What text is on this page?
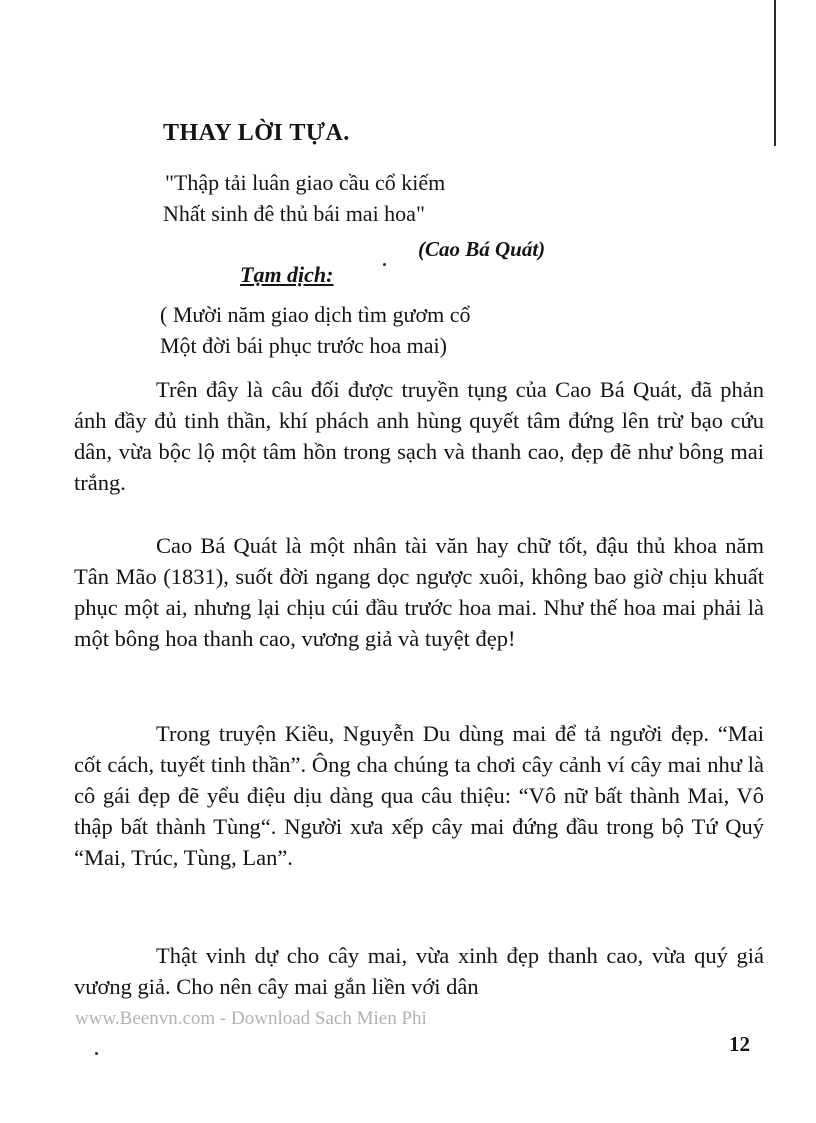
THAY LỜI TỰA.
"Thập tải luân giao cầu cổ kiếm
Nhất sinh đê thủ bái mai hoa"
(Cao Bá Quát)
Tạm dịch:
( Mười năm giao dịch tìm gươm cổ
Một đời bái phục trước hoa mai)

Trên đây là câu đối được truyền tụng của Cao Bá Quát, đã phản ánh đầy đủ tinh thần, khí phách anh hùng quyết tâm đứng lên trừ bạo cứu dân, vừa bộc lộ một tâm hồn trong sạch và thanh cao, đẹp đẽ như bông mai trắng.

Cao Bá Quát là một nhân tài văn hay chữ tốt, đậu thủ khoa năm Tân Mão (1831), suốt đời ngang dọc ngược xuôi, không bao giờ chịu khuất phục một ai, nhưng lại chịu cúi đầu trước hoa mai. Như thế hoa mai phải là một bông hoa thanh cao, vương giả và tuyệt đẹp!

Trong truyện Kiều, Nguyễn Du dùng mai để tả người đẹp. “Mai cốt cách, tuyết tinh thần”. Ông cha chúng ta chơi cây cảnh ví cây mai như là cô gái đẹp đẽ yểu điệu dịu dàng qua câu thiệu: “Vô nữ bất thành Mai, Vô thập bất thành Tùng“. Người xưa xếp cây mai đứng đầu trong bộ Tứ Quý “Mai, Trúc, Tùng, Lan”.

Thật vinh dự cho cây mai, vừa xinh đẹp thanh cao, vừa quý giá vương giả. Cho nên cây mai gắn liền với dân

www.Beenvn.com - Download Sach Mien Phi
12
